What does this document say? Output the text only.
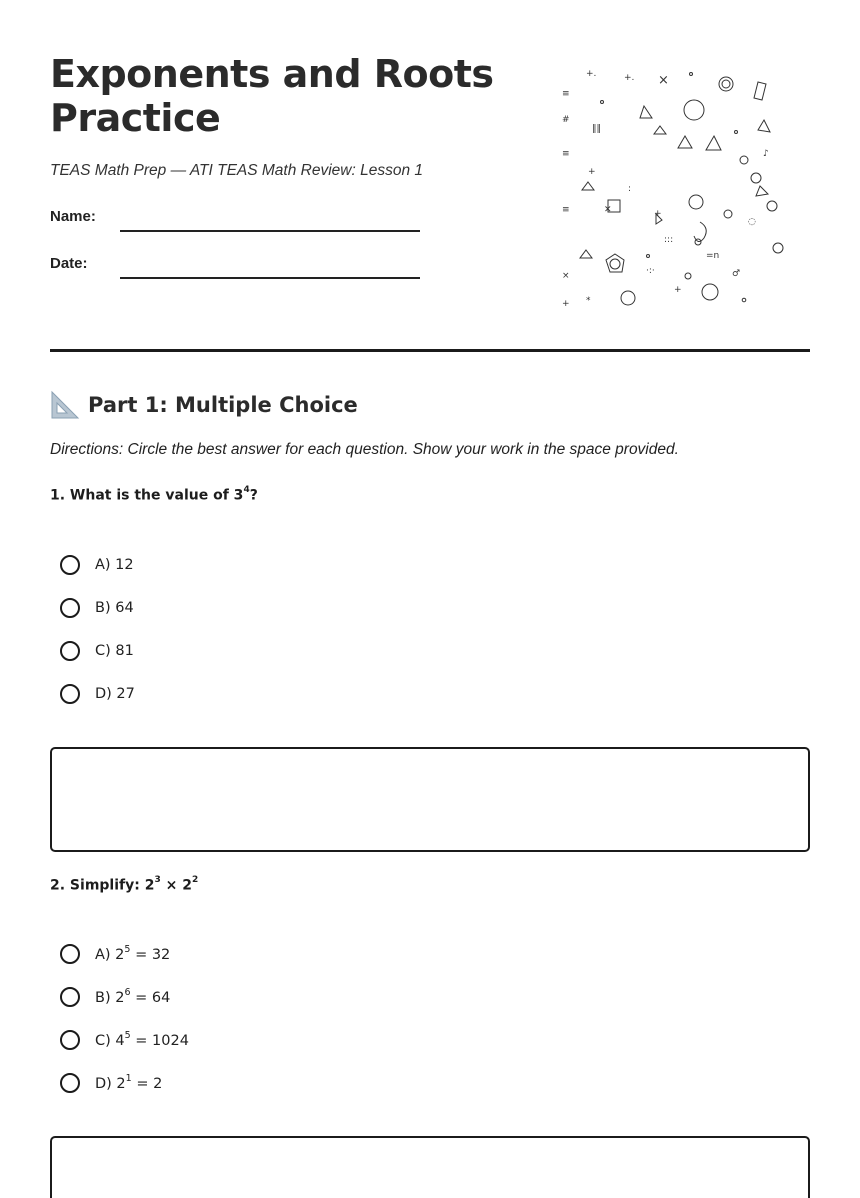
Exponents and Roots Practice
TEAS Math Prep — ATI TEAS Math Review: Lesson 1
Name:
Date:
≡
#
≡
≡
×
+ *
+.
‖‖
+. ×
+
✕	+
=n
♂
:
:::
·:·
+
◌
♪
Part 1: Multiple Choice
Directions: Circle the best answer for each question. Show your work in the space provided.
1. What is the value of $3^4$?
A) 12
B) 64
C) 81
D) 27
2. Simplify: $2^3 \times 2^2$
A) $2^5 = 32$
B) $2^6 = 64$
C) $4^5 = 1024$
D) $2^1 = 2$
